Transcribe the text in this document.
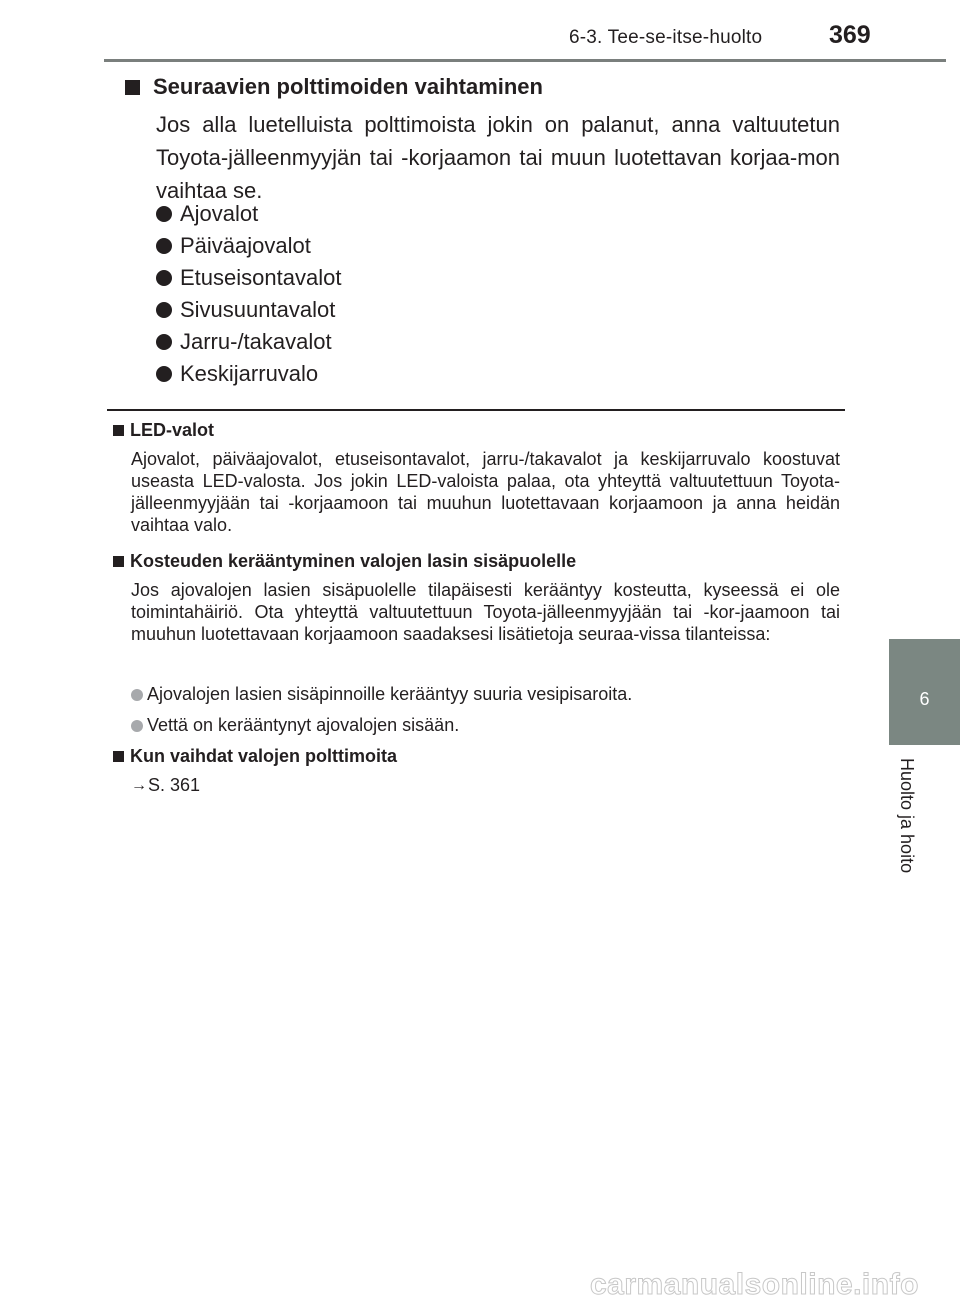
6-3. Tee-se-itse-huolto	369
6
Huolto ja hoito
Seuraavien polttimoiden vaihtaminen
Jos alla luetelluista polttimoista jokin on palanut, anna valtuutetun Toyota-jälleenmyyjän tai -korjaamon tai muun luotettavan korjaa-mon vaihtaa se.
Ajovalot
Päiväajovalot
Etuseisontavalot
Sivusuuntavalot
Jarru-/takavalot
Keskijarruvalo
LED-valot
Ajovalot, päiväajovalot, etuseisontavalot, jarru-/takavalot ja keskijarruvalo koostuvat useasta LED-valosta. Jos jokin LED-valoista palaa, ota yhteyttä valtuutettuun Toyota-jälleenmyyjään tai -korjaamoon tai muuhun luotettavaan korjaamoon ja anna heidän vaihtaa valo.
Kosteuden kerääntyminen valojen lasin sisäpuolelle
Jos ajovalojen lasien sisäpuolelle tilapäisesti kerääntyy kosteutta, kyseessä ei ole toimintahäiriö. Ota yhteyttä valtuutettuun Toyota-jälleenmyyjään tai -kor-jaamoon tai muuhun luotettavaan korjaamoon saadaksesi lisätietoja seuraa-vissa tilanteissa:
Ajovalojen lasien sisäpinnoille kerääntyy suuria vesipisaroita.
Vettä on kerääntynyt ajovalojen sisään.
Kun vaihdat valojen polttimoita
→ S. 361
carmanualsonline.info
